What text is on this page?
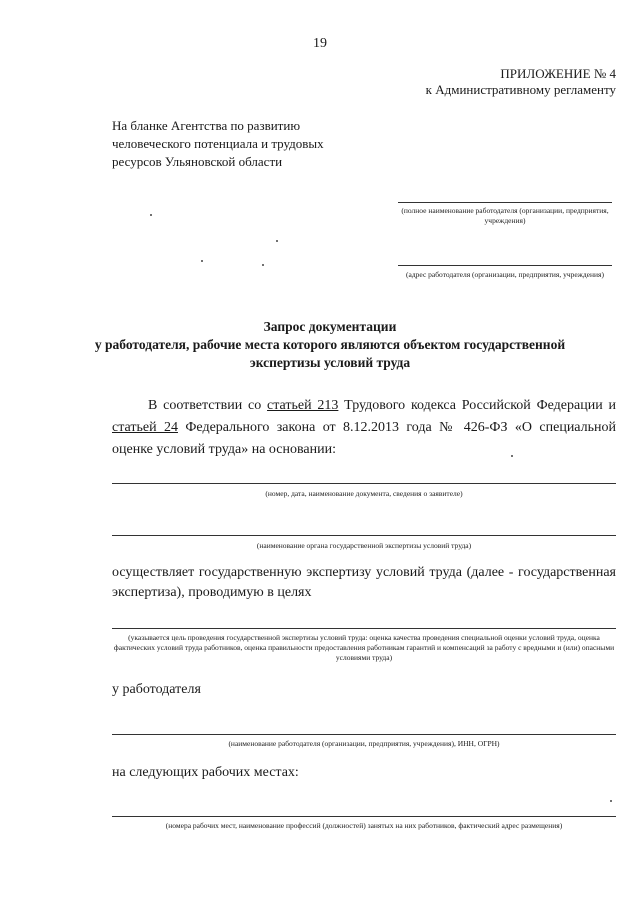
19
ПРИЛОЖЕНИЕ № 4
к Административному регламенту
На бланке Агентства по развитию человеческого потенциала и трудовых ресурсов Ульяновской области
(полное наименование работодателя (организации, предприятия, учреждения)
(адрес работодателя (организации, предприятия, учреждения)
Запрос документации
у работодателя, рабочие места которого являются объектом государственной
экспертизы условий труда
В соответствии со статьей 213 Трудового кодекса Российской Федерации и статьей 24 Федерального закона от 8.12.2013 года № 426-ФЗ «О специальной оценке условий труда» на основании:
(номер, дата, наименование документа, сведения о заявителе)
(наименование органа государственной экспертизы условий труда)
осуществляет государственную экспертизу условий труда (далее - государственная экспертиза), проводимую в целях
(указывается цель проведения государственной экспертизы условий труда: оценка качества проведения специальной оценки условий труда, оценка фактических условий труда работников, оценка правильности предоставления работникам гарантий и компенсаций за работу с вредными и (или) опасными условиями труда)
у работодателя
(наименование работодателя (организации, предприятия, учреждения), ИНН, ОГРН)
на следующих рабочих местах:
(номера рабочих мест, наименование профессий (должностей) занятых на них работников, фактический адрес размещения)
